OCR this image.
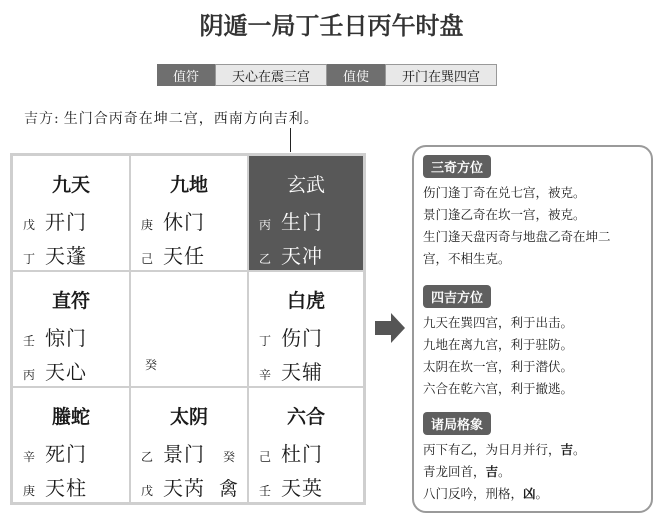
阴遁一局丁壬日丙午时盘
值符	天心在震三宫	值使	开门在巽四宫
吉方: 生门合丙奇在坤二宫，西南方向吉利。
九天
戊 开门
丁 天蓬
九地
庚 休门
己 天任
玄武
丙 生门
乙 天冲
直符
壬 惊门
丙 天心	癸
白虎
丁 伤门
辛 天辅
螣蛇
辛 死门
庚 天柱
太阴
乙 景门 癸
戊 天芮 禽
六合
己 杜门
壬 天英
三奇方位
伤门逢丁奇在兑七宫，被克。
景门逢乙奇在坎一宫，被克。
生门逢天盘丙奇与地盘乙奇在坤二
宫，不相生克。
四吉方位
九天在巽四宫，利于出击。
九地在离九宫，利于驻防。
太阴在坎一宫，利于潜伏。
六合在乾六宫，利于撤逃。
诸局格象
丙下有乙，为日月并行，吉。
青龙回首，吉。
八门反吟，刑格，凶。
